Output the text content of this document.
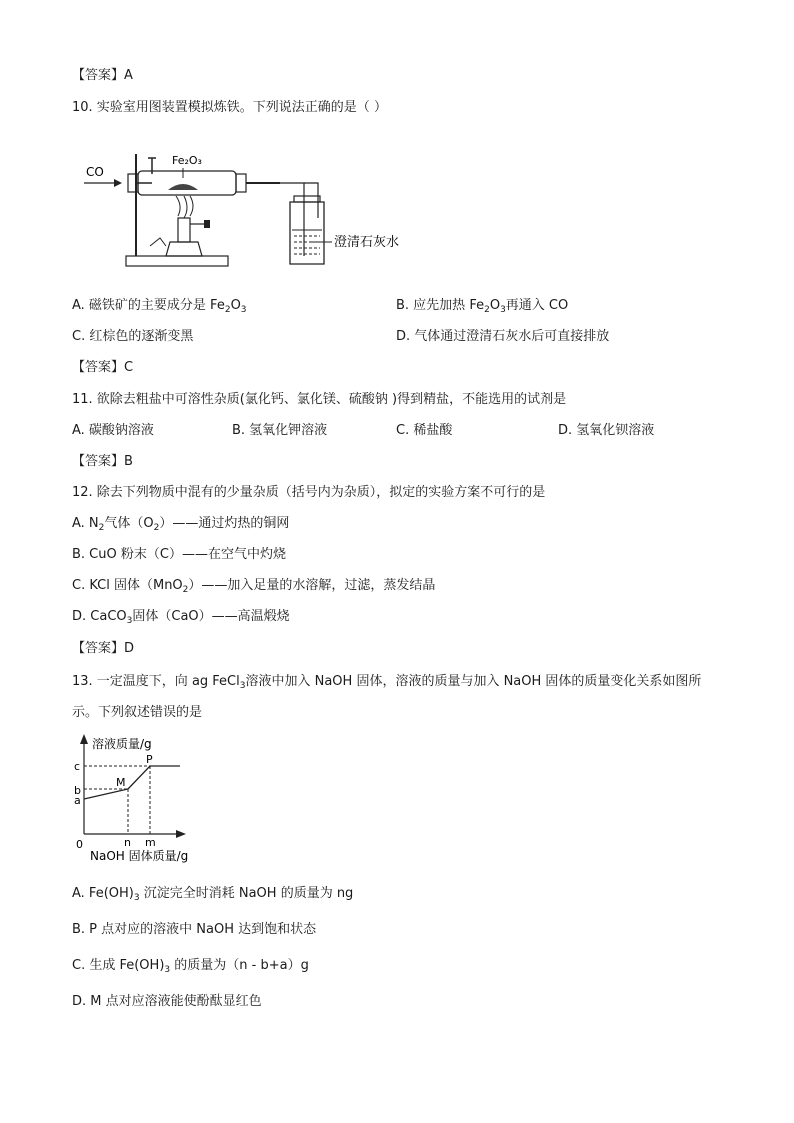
【答案】A
10. 实验室用图装置模拟炼铁。下列说法正确的是（ ）
CO
Fe₂O₃
澄清石灰水
A. 磁铁矿的主要成分是 $Fe_2O_3$	B. 应先加热 $Fe_2O_3$再通入 CO
C. 红棕色的逐渐变黑	D. 气体通过澄清石灰水后可直接排放
【答案】C
11. 欲除去粗盐中可溶性杂质(氯化钙、氯化镁、硫酸钠 )得到精盐，不能选用的试剂是
A. 碳酸钠溶液	B. 氢氧化钾溶液	C. 稀盐酸	D. 氢氧化钡溶液
【答案】B
12. 除去下列物质中混有的少量杂质（括号内为杂质），拟定的实验方案不可行的是
A. $N_2$气体$(O_2)——$通过灼热的铜网
B. CuO 粉末（C）——在空气中灼烧
C. KCl 固体（MnO$_2$）——加入足量的水溶解，过滤，蒸发结晶
D. CaCO$_3$固体（CaO）——高温煅烧
【答案】D
13. 一定温度下，向 ag FeCl$_3$溶液中加入 NaOH 固体，溶液的质量与加入 NaOH 固体的质量变化关系如图所
示。下列叙述错误的是
溶液质量/g
NaOH 固体质量/g
0
c
b
a
n m
M
P
A. $Fe(OH)_3$ 沉淀完全时消耗 NaOH 的质量为 ng
B. P 点对应的溶液中 NaOH 达到饱和状态
C. 生成 $Fe(OH)_3$ 的质量为（n - b+a）g
D. M 点对应溶液能使酚酞显红色
